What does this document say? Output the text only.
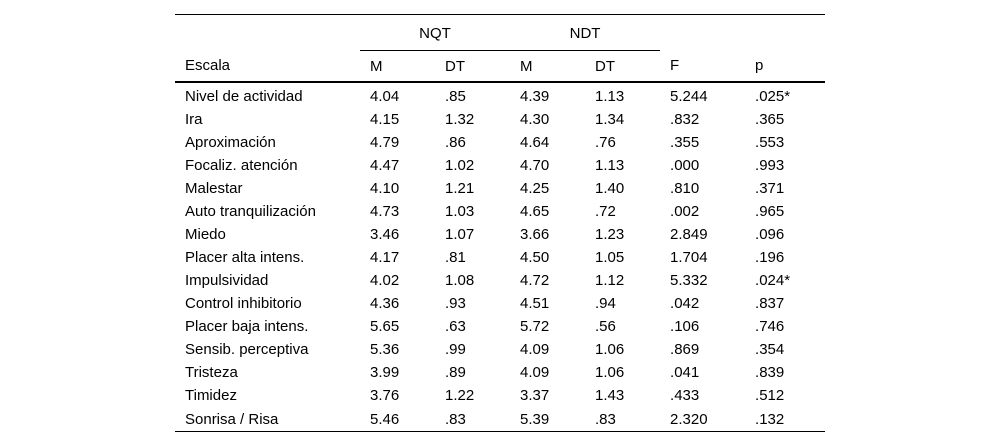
	NQT		NDT			
Escala	M	DT	M	DT	F	p
Nivel de actividad	4.04	.85	4.39	1.13	5.244	.025*
Ira	4.15	1.32	4.30	1.34	.832	.365
Aproximación	4.79	.86	4.64	.76	.355	.553
Focaliz. atención	4.47	1.02	4.70	1.13	.000	.993
Malestar	4.10	1.21	4.25	1.40	.810	.371
Auto tranquilización	4.73	1.03	4.65	.72	.002	.965
Miedo	3.46	1.07	3.66	1.23	2.849	.096
Placer alta intens.	4.17	.81	4.50	1.05	1.704	.196
Impulsividad	4.02	1.08	4.72	1.12	5.332	.024*
Control inhibitorio	4.36	.93	4.51	.94	.042	.837
Placer baja intens.	5.65	.63	5.72	.56	.106	.746
Sensib. perceptiva	5.36	.99	4.09	1.06	.869	.354
Tristeza	3.99	.89	4.09	1.06	.041	.839
Timidez	3.76	1.22	3.37	1.43	.433	.512
Sonrisa / Risa	5.46	.83	5.39	.83	2.320	.132
